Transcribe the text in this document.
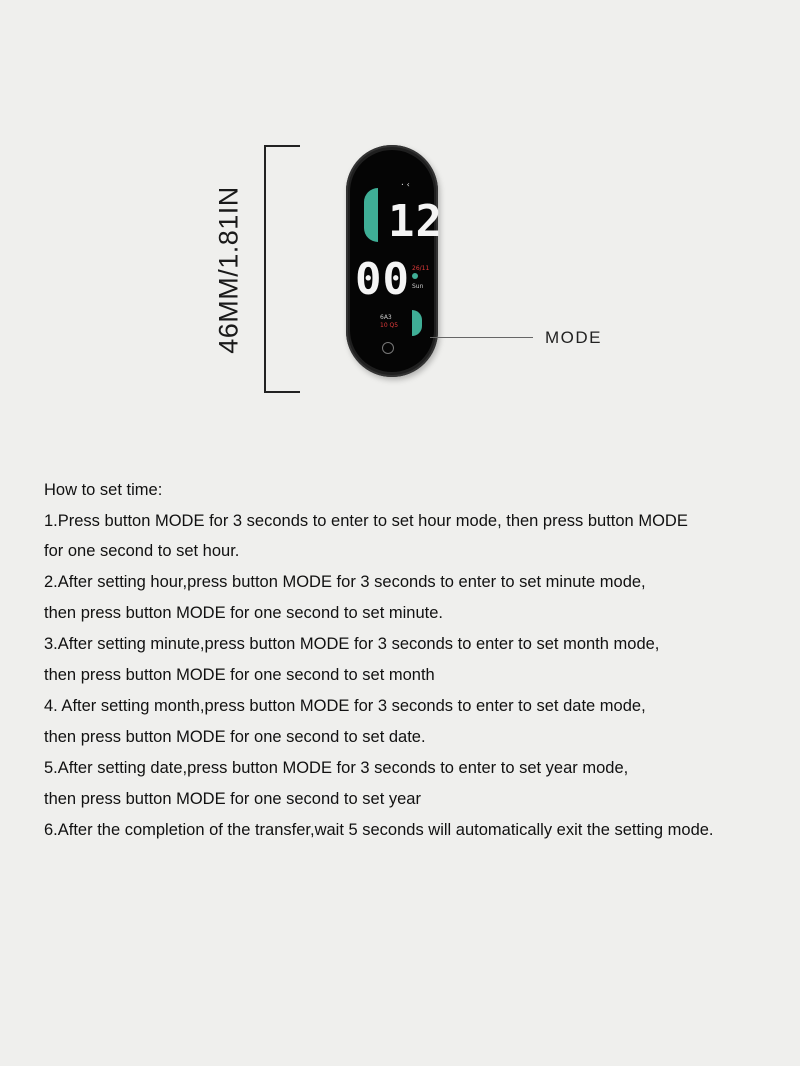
46MM/1.81IN
·‹
12
00 26/11
Sun
6A3
10 Q5
MODE
How to set time:
1.Press button MODE for 3 seconds to enter to set hour mode, then press button MODE
for one second to set hour.
2.After setting hour,press button MODE for 3 seconds to enter to set minute mode,
then press button MODE for one second to set minute.
3.After setting minute,press button MODE for 3 seconds to enter to set month mode,
then press button MODE for one second to set month
4. After setting month,press button MODE for 3 seconds to enter to set date mode,
then press button MODE for one second to set date.
5.After setting date,press button MODE for 3 seconds to enter to set year mode,
then press button MODE for one second to set year
6.After the completion of the transfer,wait 5 seconds will automatically exit the setting mode.
